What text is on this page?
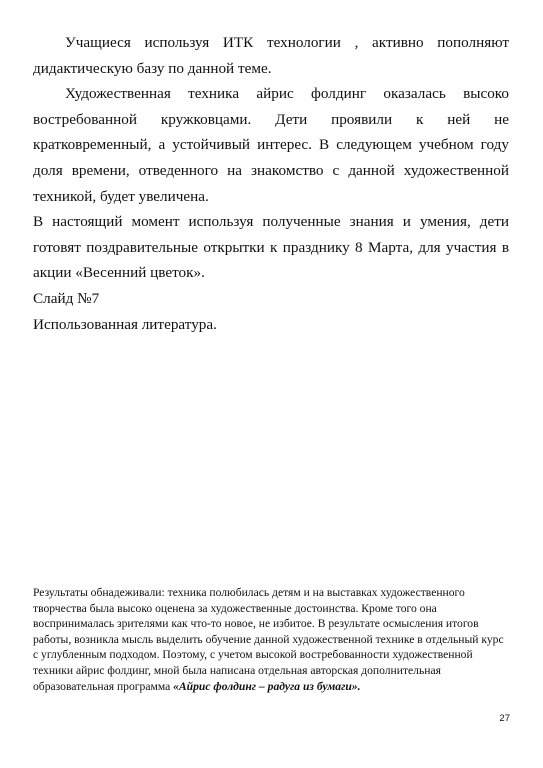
Учащиеся используя ИТК технологии , активно пополняют дидактическую базу по данной теме.

Художественная техника айрис фолдинг оказалась высоко востребованной кружковцами. Дети проявили к ней не кратковременный, а устойчивый интерес. В следующем учебном году доля времени, отведенного на знакомство с данной художественной техникой, будет увеличена.

В настоящий момент используя полученные знания и умения, дети готовят поздравительные открытки к празднику 8 Марта, для участия в акции «Весенний цветок».

Слайд №7

Использованная литература.

Результаты обнадеживали: техника полюбилась детям и на выставках художественного творчества была высоко оценена за художественные достоинства. Кроме того она воспринималась зрителями как что-то новое, не избитое. В результате осмысления итогов работы, возникла мысль выделить обучение данной художественной технике в отдельный курс с углубленным подходом. Поэтому, с учетом высокой востребованности художественной техники айрис фолдинг, мной была написана отдельная авторская дополнительная образовательная программа «Айрис фолдинг – радуга из бумаги».

27
